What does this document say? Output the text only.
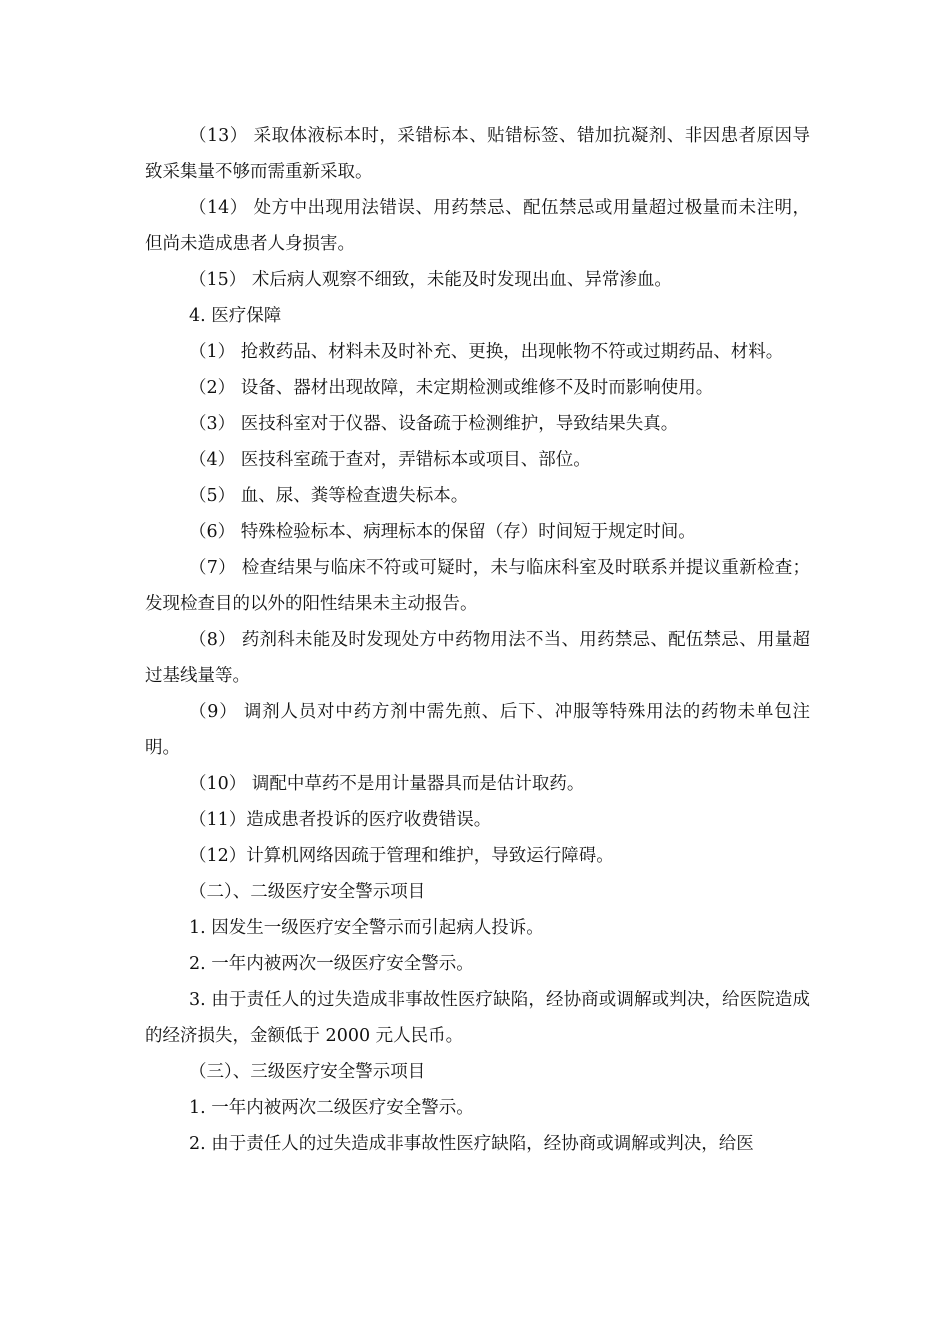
（13） 采取体液标本时，采错标本、贴错标签、错加抗凝剂、非因患者原因导致采集量不够而需重新采取。

（14） 处方中出现用法错误、用药禁忌、配伍禁忌或用量超过极量而未注明，但尚未造成患者人身损害。

（15） 术后病人观察不细致，未能及时发现出血、异常渗血。

4. 医疗保障

（1） 抢救药品、材料未及时补充、更换，出现帐物不符或过期药品、材料。

（2） 设备、器材出现故障，未定期检测或维修不及时而影响使用。

（3） 医技科室对于仪器、设备疏于检测维护，导致结果失真。

（4） 医技科室疏于查对，弄错标本或项目、部位。

（5） 血、尿、粪等检查遗失标本。

（6） 特殊检验标本、病理标本的保留（存）时间短于规定时间。

（7） 检查结果与临床不符或可疑时，未与临床科室及时联系并提议重新检查；发现检查目的以外的阳性结果未主动报告。

（8） 药剂科未能及时发现处方中药物用法不当、用药禁忌、配伍禁忌、用量超过基线量等。

（9） 调剂人员对中药方剂中需先煎、后下、冲服等特殊用法的药物未单包注明。

（10） 调配中草药不是用计量器具而是估计取药。

（11）造成患者投诉的医疗收费错误。

（12）计算机网络因疏于管理和维护，导致运行障碍。

（二）、二级医疗安全警示项目

1. 因发生一级医疗安全警示而引起病人投诉。

2. 一年内被两次一级医疗安全警示。

3. 由于责任人的过失造成非事故性医疗缺陷，经协商或调解或判决，给医院造成的经济损失，金额低于 2000 元人民币。

（三）、三级医疗安全警示项目

1. 一年内被两次二级医疗安全警示。

2. 由于责任人的过失造成非事故性医疗缺陷，经协商或调解或判决，给医
